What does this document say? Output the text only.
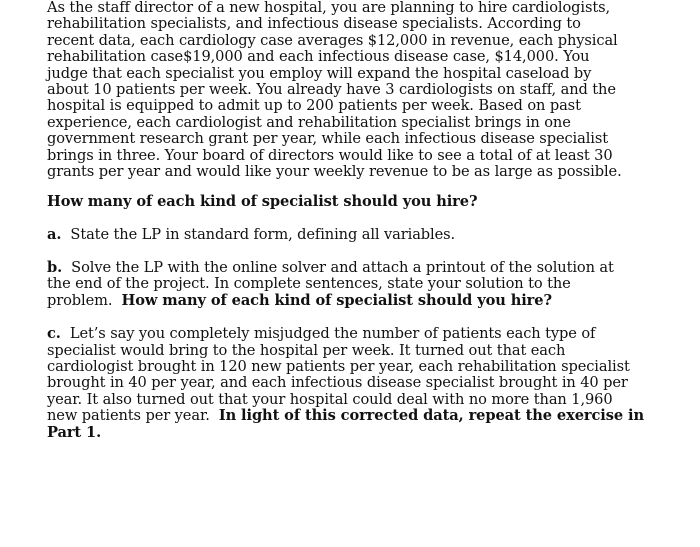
As the staff director of a new hospital, you are planning to hire cardiologists,
rehabilitation specialists, and infectious disease specialists. According to
recent data, each cardiology case averages $12,000 in revenue, each physical
rehabilitation case$19,000 and each infectious disease case, $14,000. You
judge that each specialist you employ will expand the hospital caseload by
about 10 patients per week. You already have 3 cardiologists on staff, and the
hospital is equipped to admit up to 200 patients per week. Based on past
experience, each cardiologist and rehabilitation specialist brings in one
government research grant per year, while each infectious disease specialist
brings in three. Your board of directors would like to see a total of at least 30
grants per year and would like your weekly revenue to be as large as possible.
How many of each kind of specialist should you hire?
a. State the LP in standard form, defining all variables.
b. Solve the LP with the online solver and attach a printout of the solution at
the end of the project. In complete sentences, state your solution to the
problem. How many of each kind of specialist should you hire?
c. Let’s say you completely misjudged the number of patients each type of
specialist would bring to the hospital per week. It turned out that each
cardiologist brought in 120 new patients per year, each rehabilitation specialist
brought in 40 per year, and each infectious disease specialist brought in 40 per
year. It also turned out that your hospital could deal with no more than 1,960
new patients per year. In light of this corrected data, repeat the exercise in
Part 1.
